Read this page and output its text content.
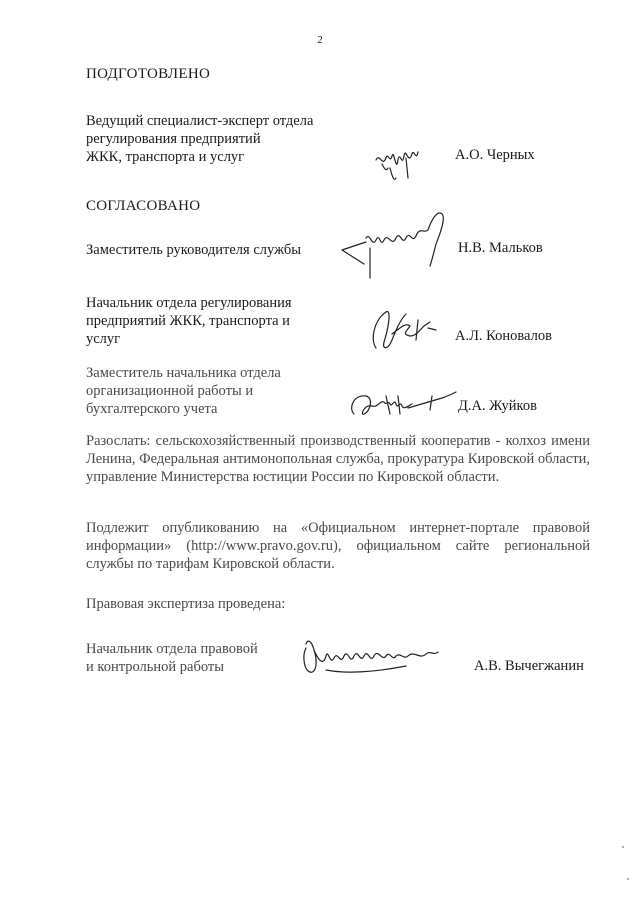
2
ПОДГОТОВЛЕНО
Ведущий специалист-эксперт отдела
регулирования предприятий
ЖКК, транспорта и услуг	А.О. Черных
СОГЛАСОВАНО
Заместитель руководителя службы	Н.В. Мальков
Начальник отдела регулирования
предприятий ЖКК, транспорта и
услуг	А.Л. Коновалов
Заместитель начальника отдела
организационной работы и
бухгалтерского учета	Д.А. Жуйков
Разослать: сельскохозяйственный производственный кооператив - колхоз имени Ленина, Федеральная антимонопольная служба, прокуратура Кировской области, управление Министерства юстиции России по Кировской области.
Подлежит опубликованию на «Официальном интернет-портале правовой информации» (http://www.pravo.gov.ru), официальном сайте региональной службы по тарифам Кировской области.
Правовая экспертиза проведена:
Начальник отдела правовой
и контрольной работы	А.В. Вычегжанин
